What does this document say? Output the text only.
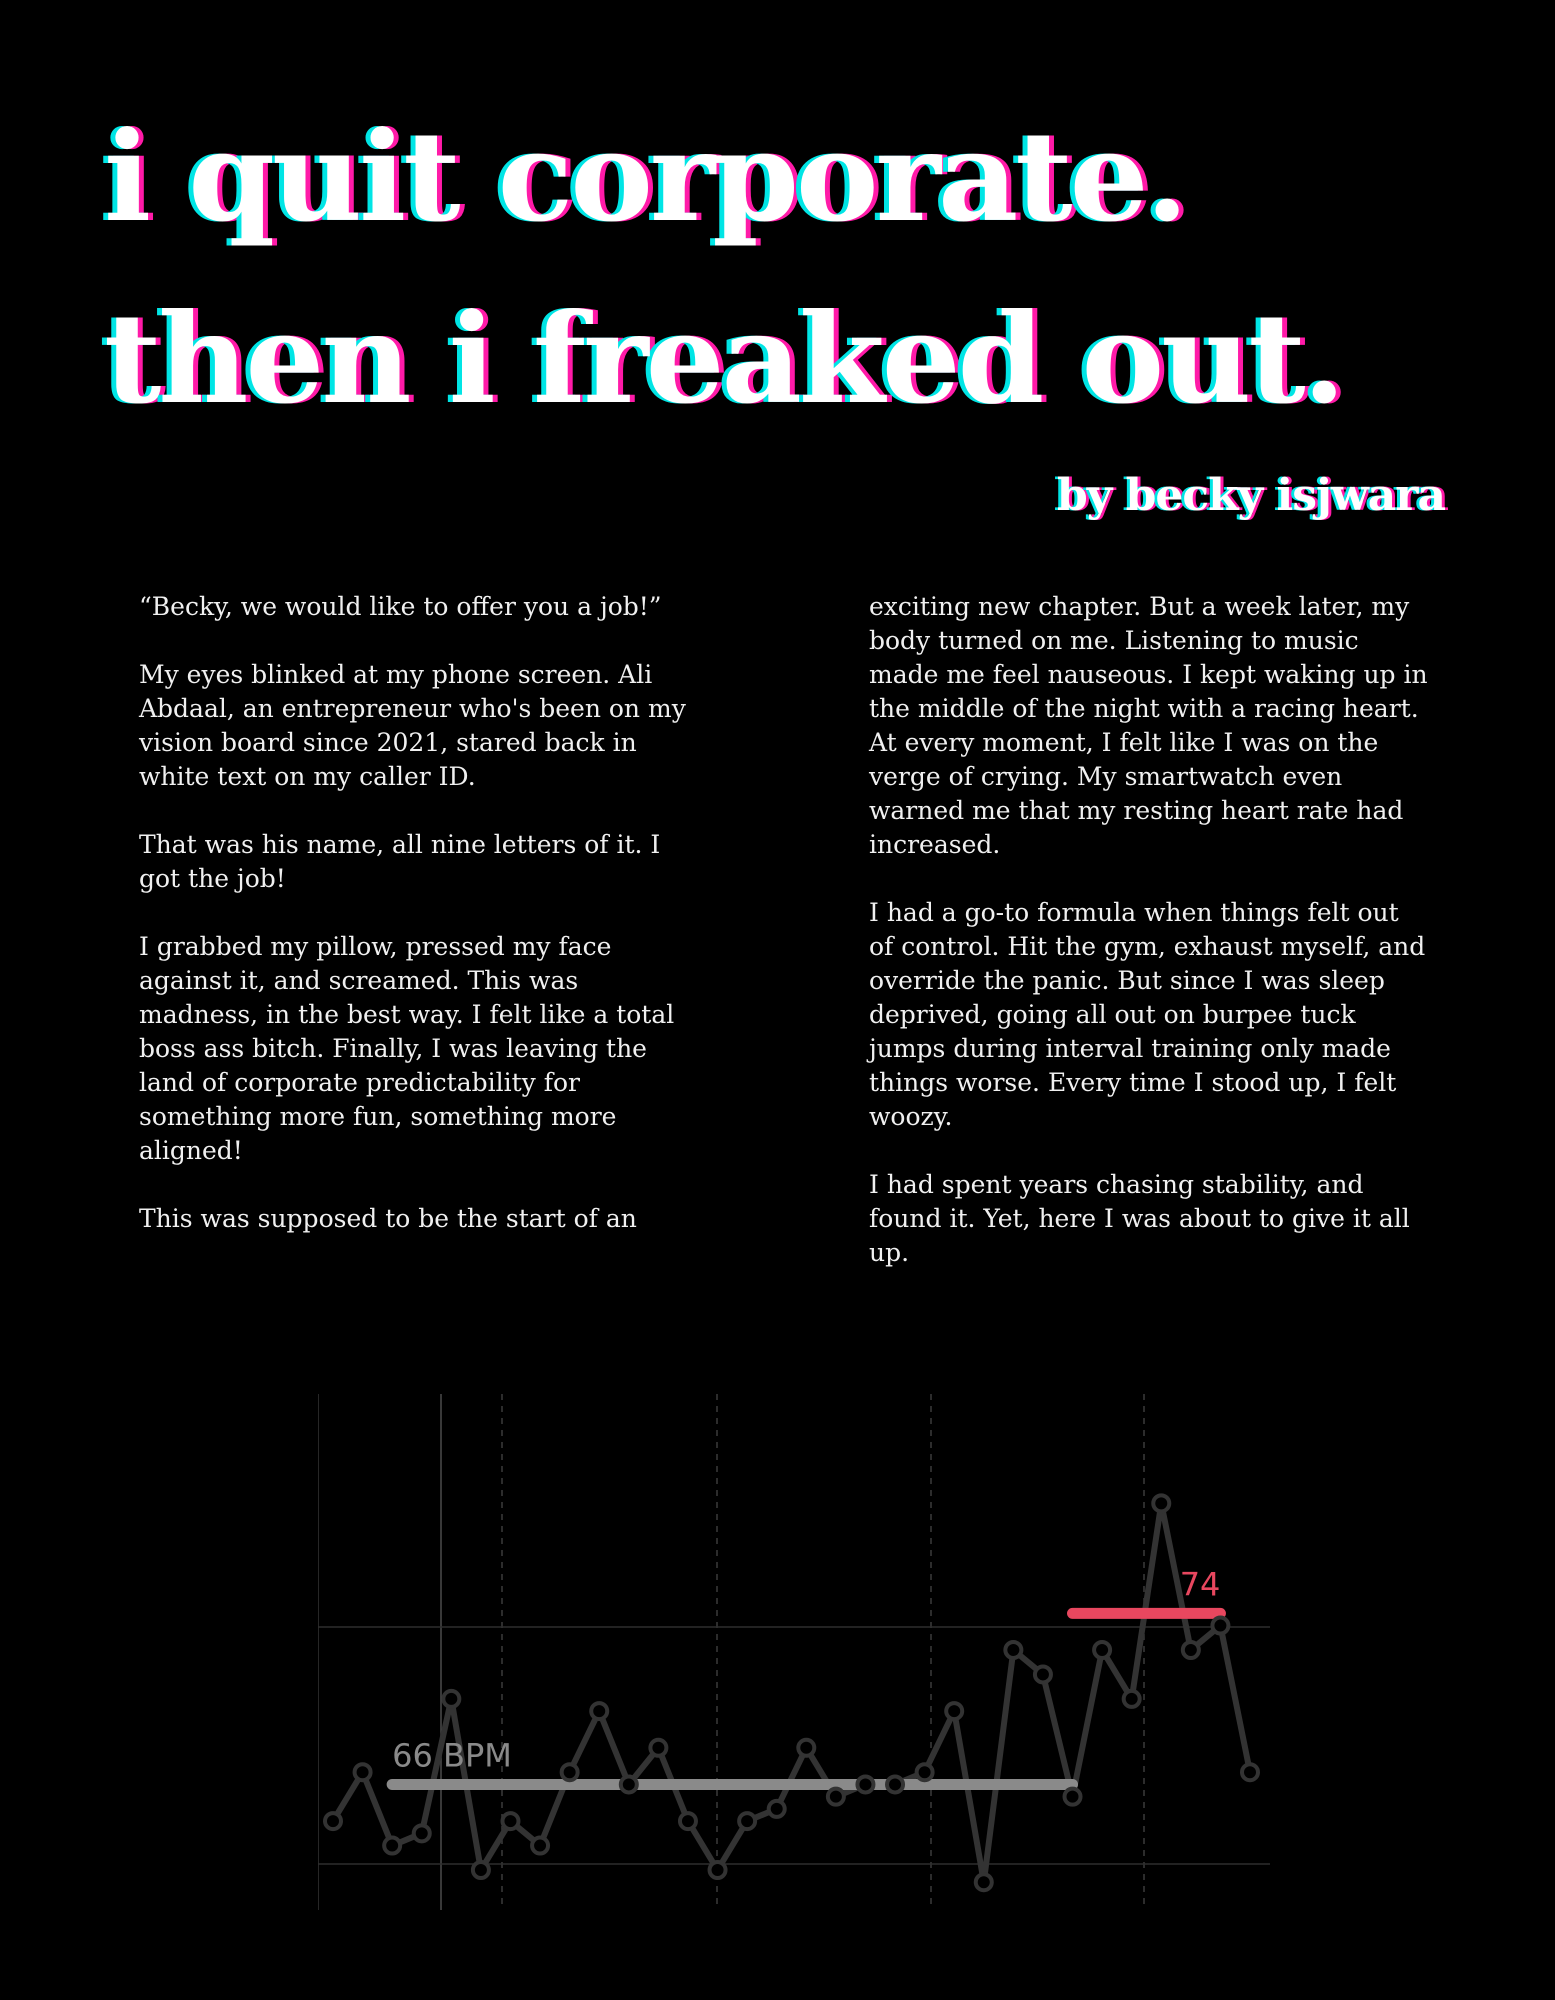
i quit corporate.
then i freaked out.
by becky isjwara

“Becky, we would like to offer you a job!”

My eyes blinked at my phone screen. Ali Abdaal, an entrepreneur who's been on my vision board since 2021, stared back in white text on my caller ID.

That was his name, all nine letters of it. I got the job!

I grabbed my pillow, pressed my face against it, and screamed. This was madness, in the best way. I felt like a total boss ass bitch. Finally, I was leaving the land of corporate predictability for something more fun, something more aligned!

This was supposed to be the start of an

exciting new chapter. But a week later, my body turned on me. Listening to music made me feel nauseous. I kept waking up in the middle of the night with a racing heart. At every moment, I felt like I was on the verge of crying. My smartwatch even warned me that my resting heart rate had increased.

I had a go-to formula when things felt out of control. Hit the gym, exhaust myself, and override the panic. But since I was sleep deprived, going all out on burpee tuck jumps during interval training only made things worse. Every time I stood up, I felt woozy.

I had spent years chasing stability, and found it. Yet, here I was about to give it all up.

66 BPM
74
